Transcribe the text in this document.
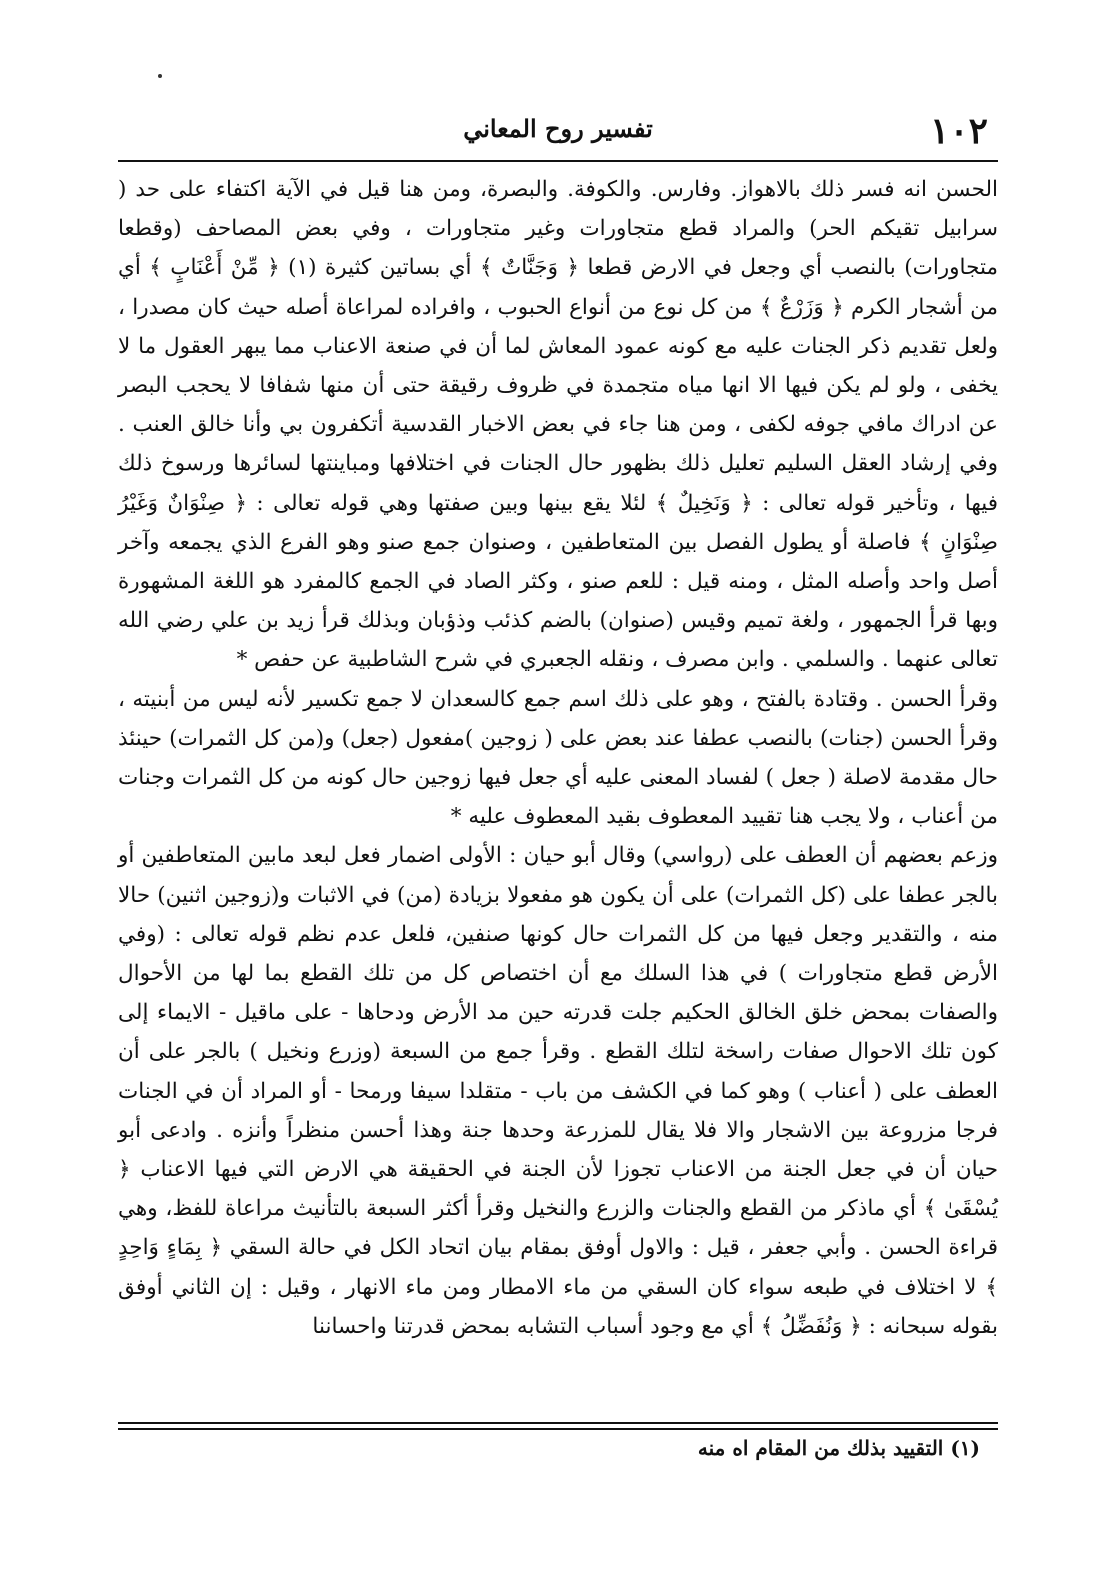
١٠٢
تفسير روح المعاني

الحسن انه فسر ذلك بالاهواز. وفارس. والكوفة. والبصرة، ومن هنا قيل في الآية اكتفاء على حد ( سرابيل تقيكم الحر) والمراد قطع متجاورات وغير متجاورات ، وفي بعض المصاحف (وقطعا متجاورات) بالنصب أي وجعل في الارض قطعا ﴿ وَجَنَّاتٌ ﴾ أي بساتين كثيرة (١) ﴿ مِّنْ أَعْنَابٍ ﴾ أي من أشجار الكرم ﴿ وَزَرْعٌ ﴾ من كل نوع من أنواع الحبوب ، وافراده لمراعاة أصله حيث كان مصدرا ، ولعل تقديم ذكر الجنات عليه مع كونه عمود المعاش لما أن في صنعة الاعناب مما يبهر العقول ما لا يخفى ، ولو لم يكن فيها الا انها مياه متجمدة في ظروف رقيقة حتى أن منها شفافا لا يحجب البصر عن ادراك مافي جوفه لكفى ، ومن هنا جاء في بعض الاخبار القدسية أتكفرون بي وأنا خالق العنب . وفي إرشاد العقل السليم تعليل ذلك بظهور حال الجنات في اختلافها ومباينتها لسائرها ورسوخ ذلك فيها ، وتأخير قوله تعالى : ﴿ وَنَخِيلٌ ﴾ لئلا يقع بينها وبين صفتها وهي قوله تعالى : ﴿ صِنْوَانٌ وَغَيْرُ صِنْوَانٍ ﴾ فاصلة أو يطول الفصل بين المتعاطفين ، وصنوان جمع صنو وهو الفرع الذي يجمعه وآخر أصل واحد وأصله المثل ، ومنه قيل : للعم صنو ، وكثر الصاد في الجمع كالمفرد هو اللغة المشهورة وبها قرأ الجمهور ، ولغة تميم وقيس (صنوان) بالضم كذئب وذؤبان وبذلك قرأ زيد بن علي رضي الله تعالى عنهما . والسلمي . وابن مصرف ، ونقله الجعبري في شرح الشاطبية عن حفص *

وقرأ الحسن . وقتادة بالفتح ، وهو على ذلك اسم جمع كالسعدان لا جمع تكسير لأنه ليس من أبنيته ، وقرأ الحسن (جنات) بالنصب عطفا عند بعض على ( زوجين )مفعول (جعل) و(من كل الثمرات) حينئذ حال مقدمة لاصلة ( جعل ) لفساد المعنى عليه أي جعل فيها زوجين حال كونه من كل الثمرات وجنات من أعناب ، ولا يجب هنا تقييد المعطوف بقيد المعطوف عليه *

وزعم بعضهم أن العطف على (رواسي) وقال أبو حيان : الأولى اضمار فعل لبعد مابين المتعاطفين أو بالجر عطفا على (كل الثمرات) على أن يكون هو مفعولا بزيادة (من) في الاثبات و(زوجين اثنين) حالا منه ، والتقدير وجعل فيها من كل الثمرات حال كونها صنفين، فلعل عدم نظم قوله تعالى : (وفي الأرض قطع متجاورات ) في هذا السلك مع أن اختصاص كل من تلك القطع بما لها من الأحوال والصفات بمحض خلق الخالق الحكيم جلت قدرته حين مد الأرض ودحاها - على ماقيل - الايماء إلى كون تلك الاحوال صفات راسخة لتلك القطع . وقرأ جمع من السبعة (وزرع ونخيل ) بالجر على أن العطف على ( أعناب ) وهو كما في الكشف من باب - متقلدا سيفا ورمحا - أو المراد أن في الجنات فرجا مزروعة بين الاشجار والا فلا يقال للمزرعة وحدها جنة وهذا أحسن منظراً وأنزه . وادعى أبو حيان أن في جعل الجنة من الاعناب تجوزا لأن الجنة في الحقيقة هي الارض التي فيها الاعناب ﴿ يُسْقَىٰ ﴾ أي ماذكر من القطع والجنات والزرع والنخيل وقرأ أكثر السبعة بالتأنيث مراعاة للفظ، وهي قراءة الحسن . وأبي جعفر ، قيل : والاول أوفق بمقام بيان اتحاد الكل في حالة السقي ﴿ بِمَاءٍ وَاحِدٍ ﴾ لا اختلاف في طبعه سواء كان السقي من ماء الامطار ومن ماء الانهار ، وقيل : إن الثاني أوفق بقوله سبحانه : ﴿ وَنُفَضِّلُ ﴾ أي مع وجود أسباب التشابه بمحض قدرتنا واحساننا

(١) التقييد بذلك من المقام اه منه
